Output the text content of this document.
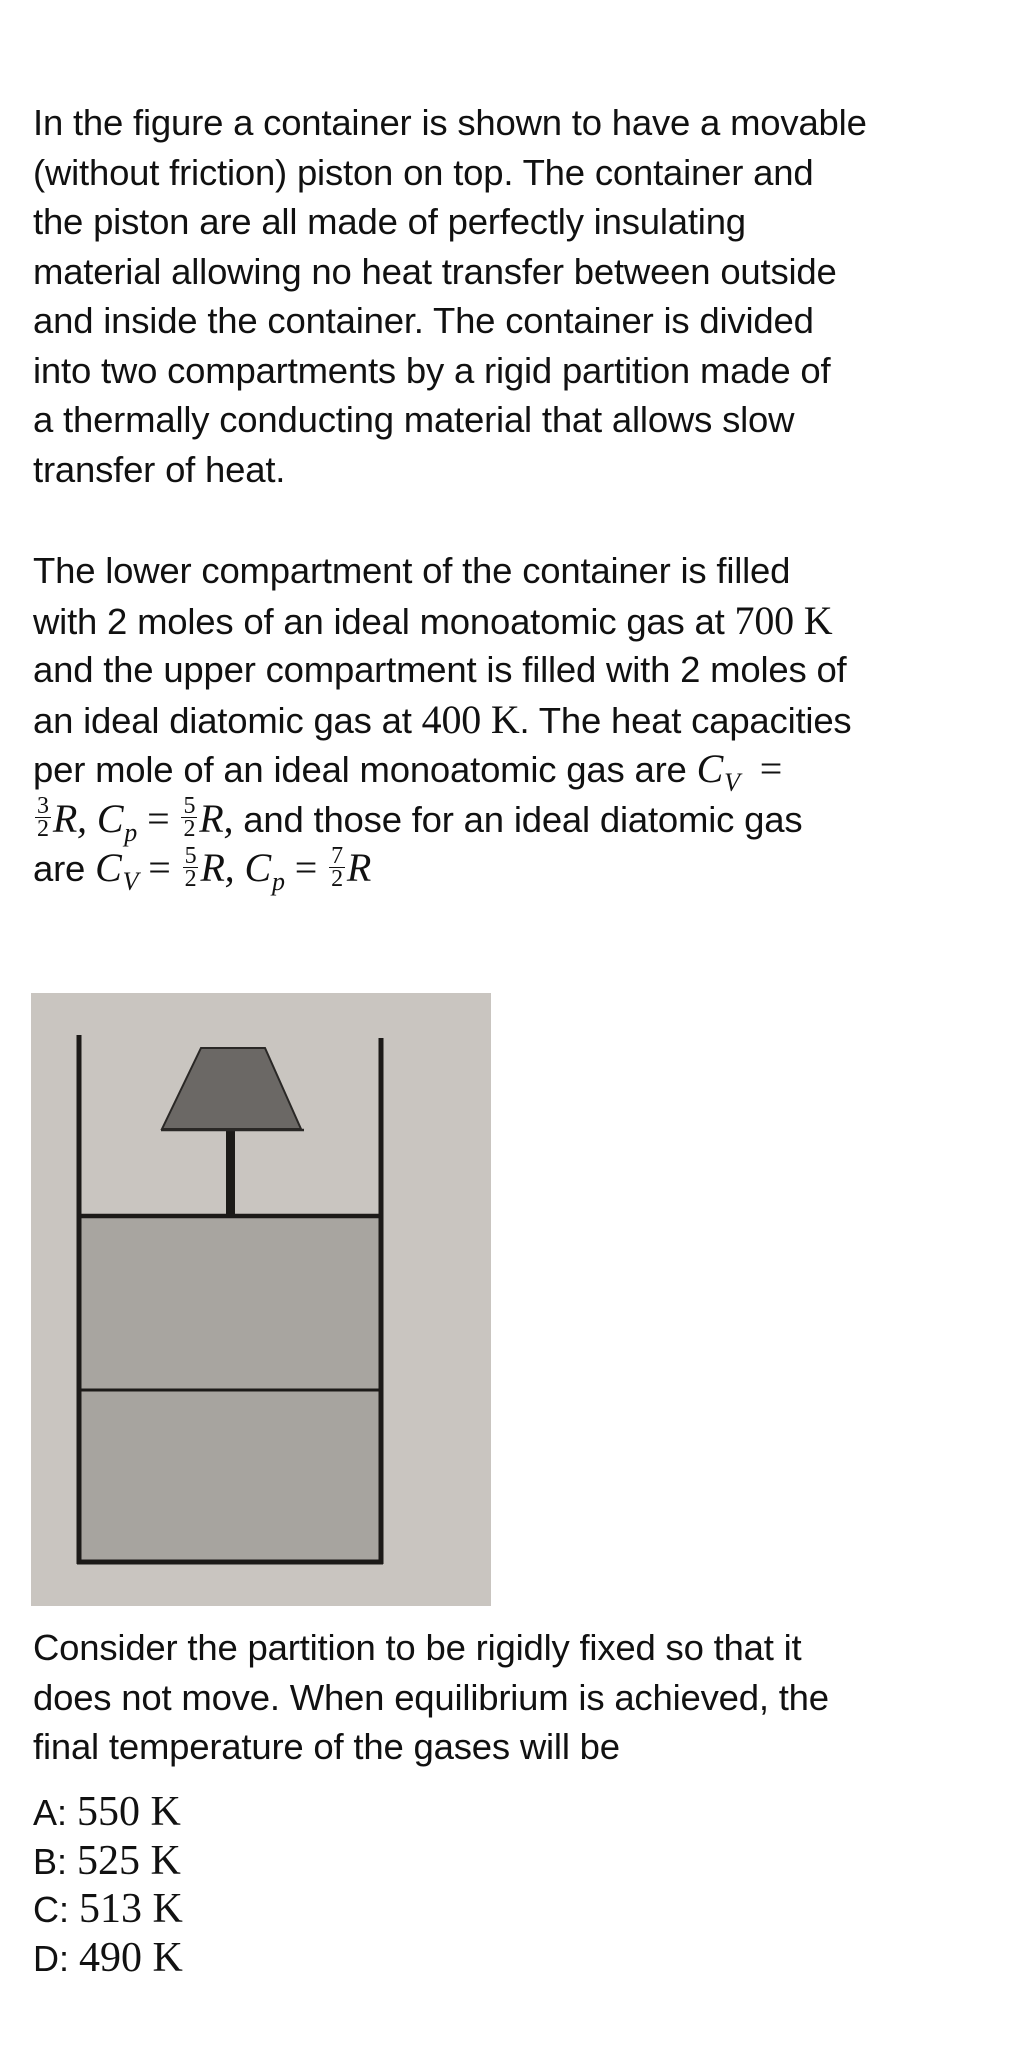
In the figure a container is shown to have a movable
(without friction) piston on top. The container and
the piston are all made of perfectly insulating
material allowing no heat transfer between outside
and inside the container. The container is divided
into two compartments by a rigid partition made of
a thermally conducting material that allows slow
transfer of heat.
The lower compartment of the container is filled
with 2 moles of an ideal monoatomic gas at 700 K
and the upper compartment is filled with 2 moles of
an ideal diatomic gas at 400 K. The heat capacities
per mole of an ideal monoatomic gas are $C_V$ =
$\frac{3}{2} R$, $C_p = \frac{5}{2} R$, and those for an ideal diatomic gas
are $C_V = \frac{5}{2} R$, $C_p = \frac{7}{2}$ R
Consider the partition to be rigidly fixed so that it
does not move. When equilibrium is achieved, the
final temperature of the gases will be
A: 550 K
B: 525 K
C: 513 K
D: 490 K
